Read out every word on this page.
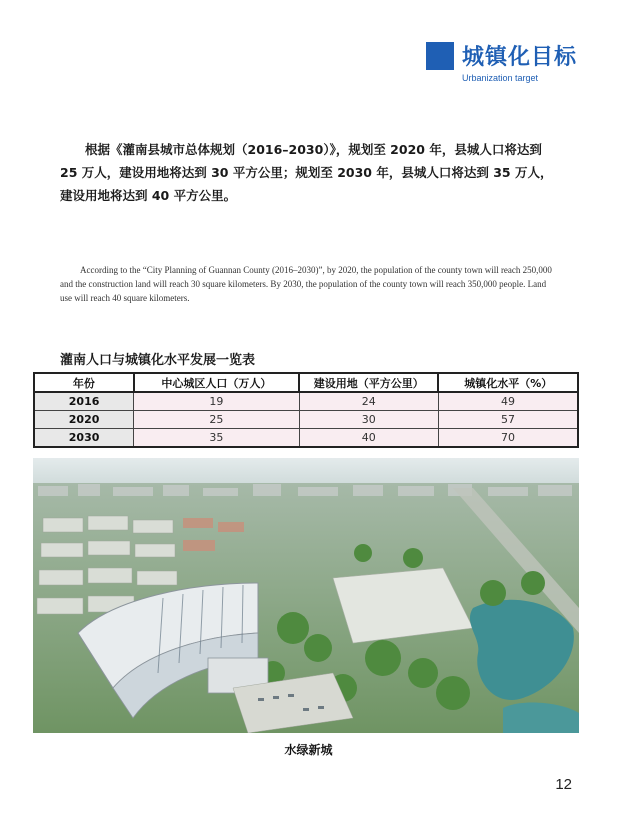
城镇化目标
Urbanization target
根据《灌南县城市总体规划（2016–2030）》，规划至 2020 年，县城人口将达到 25 万人，建设用地将达到 30 平方公里；规划至 2030 年，县城人口将达到 35 万人，建设用地将达到 40 平方公里。
According to the “City Planning of Guannan County (2016–2030)”, by 2020, the population of the county town will reach 250,000 and the construction land will reach 30 square kilometers. By 2030, the population of the county town will reach 350,000 people. Land use will reach 40 square kilometers.
灌南人口与城镇化水平发展一览表
年份	中心城区人口（万人）	建设用地（平方公里）	城镇化水平（%）
2016	19	24	49
2020	25	30	57
2030	35	40	70
水绿新城
12
